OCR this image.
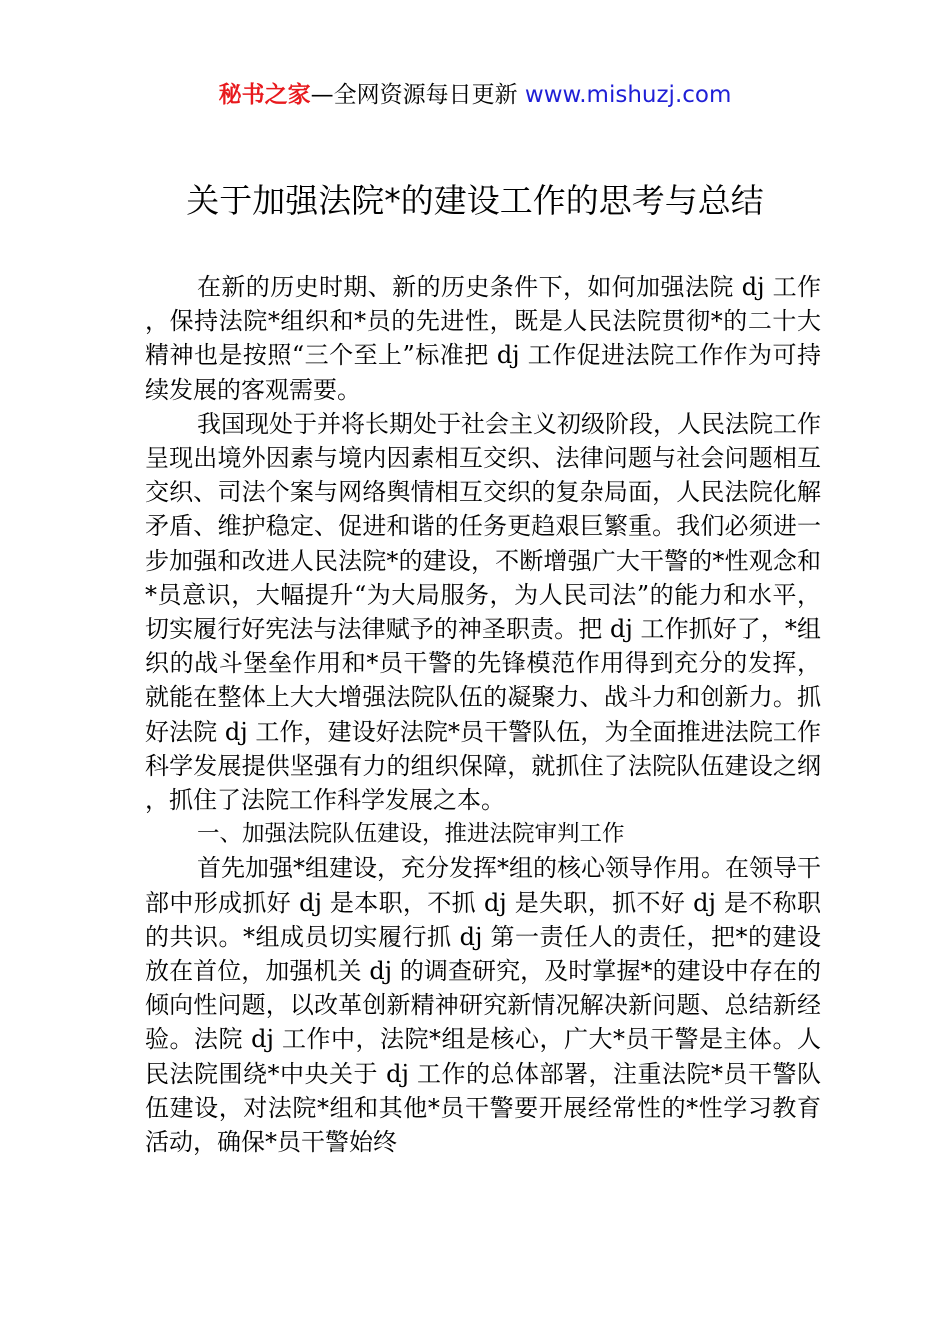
秘书之家—全网资源每日更新 www.mishuzj.com
关于加强法院*的建设工作的思考与总结

在新的历史时期、新的历史条件下，如何加强法院 dj 工作，保持法院*组织和*员的先进性，既是人民法院贯彻*的二十大精神也是按照“三个至上”标准把 dj 工作促进法院工作作为可持续发展的客观需要。

我国现处于并将长期处于社会主义初级阶段，人民法院工作呈现出境外因素与境内因素相互交织、法律问题与社会问题相互交织、司法个案与网络舆情相互交织的复杂局面，人民法院化解矛盾、维护稳定、促进和谐的任务更趋艰巨繁重。我们必须进一步加强和改进人民法院*的建设，不断增强广大干警的*性观念和*员意识，大幅提升“为大局服务，为人民司法”的能力和水平，切实履行好宪法与法律赋予的神圣职责。把 dj 工作抓好了，*组织的战斗堡垒作用和*员干警的先锋模范作用得到充分的发挥，就能在整体上大大增强法院队伍的凝聚力、战斗力和创新力。抓好法院 dj 工作，建设好法院*员干警队伍，为全面推进法院工作科学发展提供坚强有力的组织保障，就抓住了法院队伍建设之纲，抓住了法院工作科学发展之本。

一、加强法院队伍建设，推进法院审判工作

首先加强*组建设，充分发挥*组的核心领导作用。在领导干部中形成抓好 dj 是本职，不抓 dj 是失职，抓不好 dj 是不称职的共识。*组成员切实履行抓 dj 第一责任人的责任，把*的建设放在首位，加强机关 dj 的调查研究，及时掌握*的建设中存在的倾向性问题，以改革创新精神研究新情况解决新问题、总结新经验。法院 dj 工作中，法院*组是核心，广大*员干警是主体。人民法院围绕*中央关于 dj 工作的总体部署，注重法院*员干警队伍建设，对法院*组和其他*员干警要开展经常性的*性学习教育活动，确保*员干警始终
